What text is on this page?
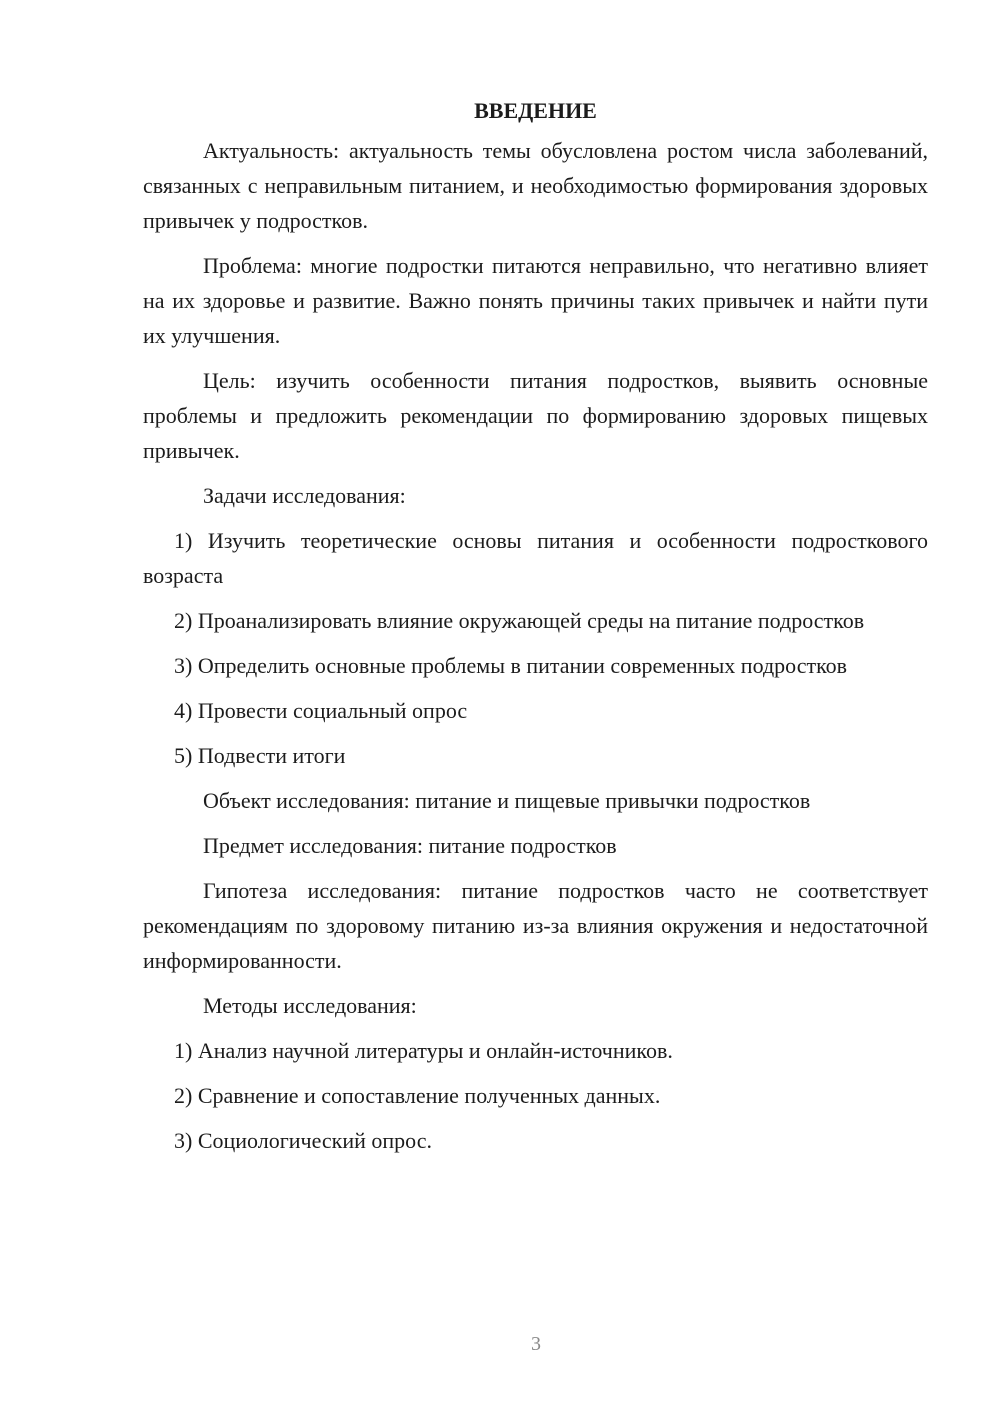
ВВЕДЕНИЕ

Актуальность: актуальность темы обусловлена ростом числа заболеваний, связанных с неправильным питанием, и необходимостью формирования здоровых привычек у подростков.

Проблема: многие подростки питаются неправильно, что негативно влияет на их здоровье и развитие. Важно понять причины таких привычек и найти пути их улучшения.

Цель: изучить особенности питания подростков, выявить основные проблемы и предложить рекомендации по формированию здоровых пищевых привычек.

Задачи исследования:

1) Изучить теоретические основы питания и особенности подросткового возраста

2) Проанализировать влияние окружающей среды на питание подростков

3) Определить основные проблемы в питании современных подростков

4) Провести социальный опрос

5) Подвести итоги

Объект исследования: питание и пищевые привычки подростков

Предмет исследования: питание подростков

Гипотеза исследования: питание подростков часто не соответствует рекомендациям по здоровому питанию из-за влияния окружения и недостаточной информированности.

Методы исследования:

1) Анализ научной литературы и онлайн-источников.

2) Сравнение и сопоставление полученных данных.

3) Социологический опрос.

3
